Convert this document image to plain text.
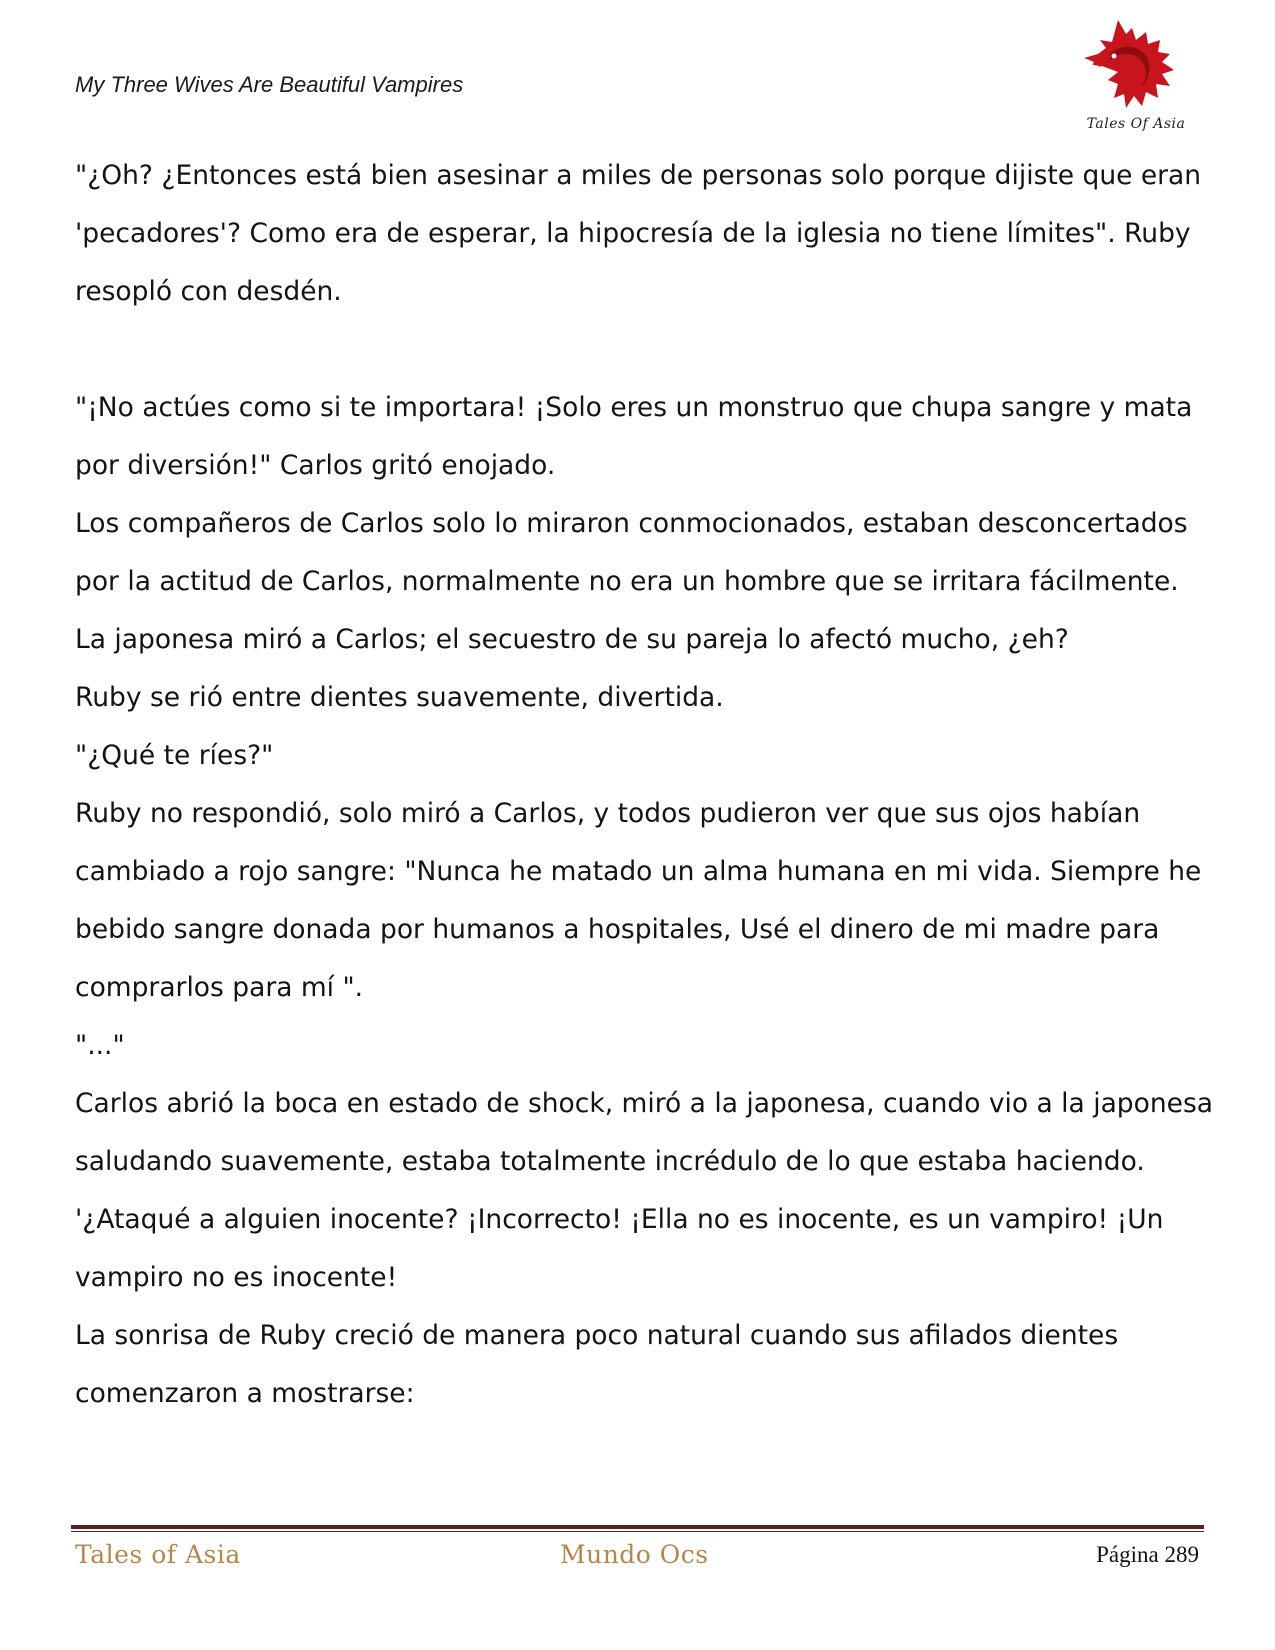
My Three Wives Are Beautiful Vampires
Tales Of Asia

"¿Oh? ¿Entonces está bien asesinar a miles de personas solo porque dijiste que eran

'pecadores'? Como era de esperar, la hipocresía de la iglesia no tiene límites". Ruby

resopló con desdén.

"¡No actúes como si te importara! ¡Solo eres un monstruo que chupa sangre y mata

por diversión!" Carlos gritó enojado.

Los compañeros de Carlos solo lo miraron conmocionados, estaban desconcertados

por la actitud de Carlos, normalmente no era un hombre que se irritara fácilmente.

La japonesa miró a Carlos; el secuestro de su pareja lo afectó mucho, ¿eh?

Ruby se rió entre dientes suavemente, divertida.

"¿Qué te ríes?"

Ruby no respondió, solo miró a Carlos, y todos pudieron ver que sus ojos habían

cambiado a rojo sangre: "Nunca he matado un alma humana en mi vida. Siempre he

bebido sangre donada por humanos a hospitales, Usé el dinero de mi madre para

comprarlos para mí ".

"..."

Carlos abrió la boca en estado de shock, miró a la japonesa, cuando vio a la japonesa

saludando suavemente, estaba totalmente incrédulo de lo que estaba haciendo.

'¿Ataqué a alguien inocente? ¡Incorrecto! ¡Ella no es inocente, es un vampiro! ¡Un

vampiro no es inocente!

La sonrisa de Ruby creció de manera poco natural cuando sus afilados dientes

comenzaron a mostrarse:

Tales of Asia	Mundo Ocs	Página 289
